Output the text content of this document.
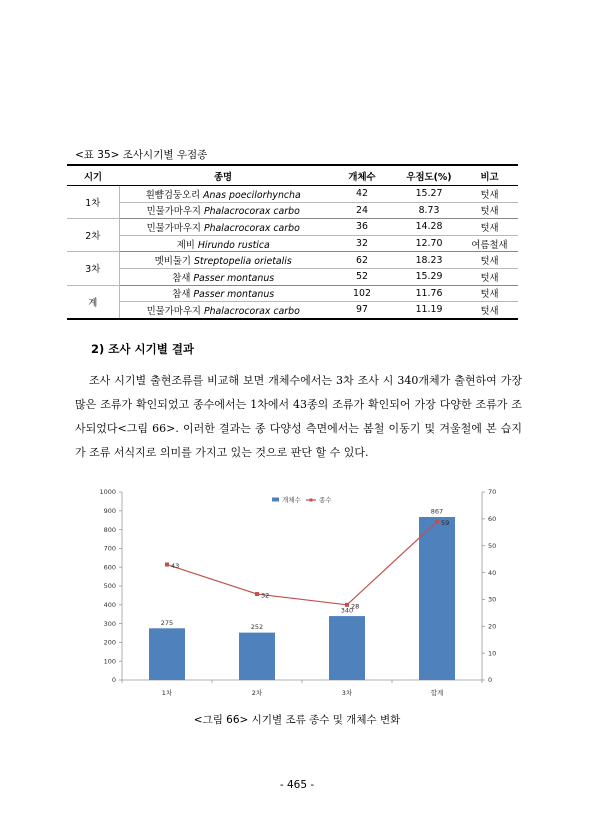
<표 35> 조사시기별 우점종
시기	종명	개체수	우점도(%)	비고
1차	흰뺨검둥오리 Anas poecilorhyncha	42	15.27	텃새
	민물가마우지 Phalacrocorax carbo	24	8.73	텃새
2차	민물가마우지 Phalacrocorax carbo	36	14.28	텃새
	제비 Hirundo rustica	32	12.70	여름철새
3차	멧비둘기 Streptopelia orietalis	62	18.23	텃새
	참새 Passer montanus	52	15.29	텃새
계	참새 Passer montanus	102	11.76	텃새
	민물가마우지 Phalacrocorax carbo	97	11.19	텃새
2) 조사 시기별 결과

조사 시기별 출현조류를 비교해 보면 개체수에서는 3차 조사 시 340개체가 출현하여 가장 많은 조류가 확인되었고 종수에서는 1차에서 43종의 조류가 확인되어 가장 다양한 조류가 조사되었다<그림 66>. 이러한 결과는 종 다양성 측면에서는 봄철 이동기 및 겨울철에 본 습지가 조류 서식지로 의미를 가지고 있는 것으로 판단 할 수 있다.

0
100
200
300
400
500
600
700
800
900
1000
0
10
20
30
40
50
60
70
1차	2차	3차	합계
275
252
340
867
43
32
28
59
개체수	종수
<그림 66> 시기별 조류 종수 및 개체수 변화
- 465 -
